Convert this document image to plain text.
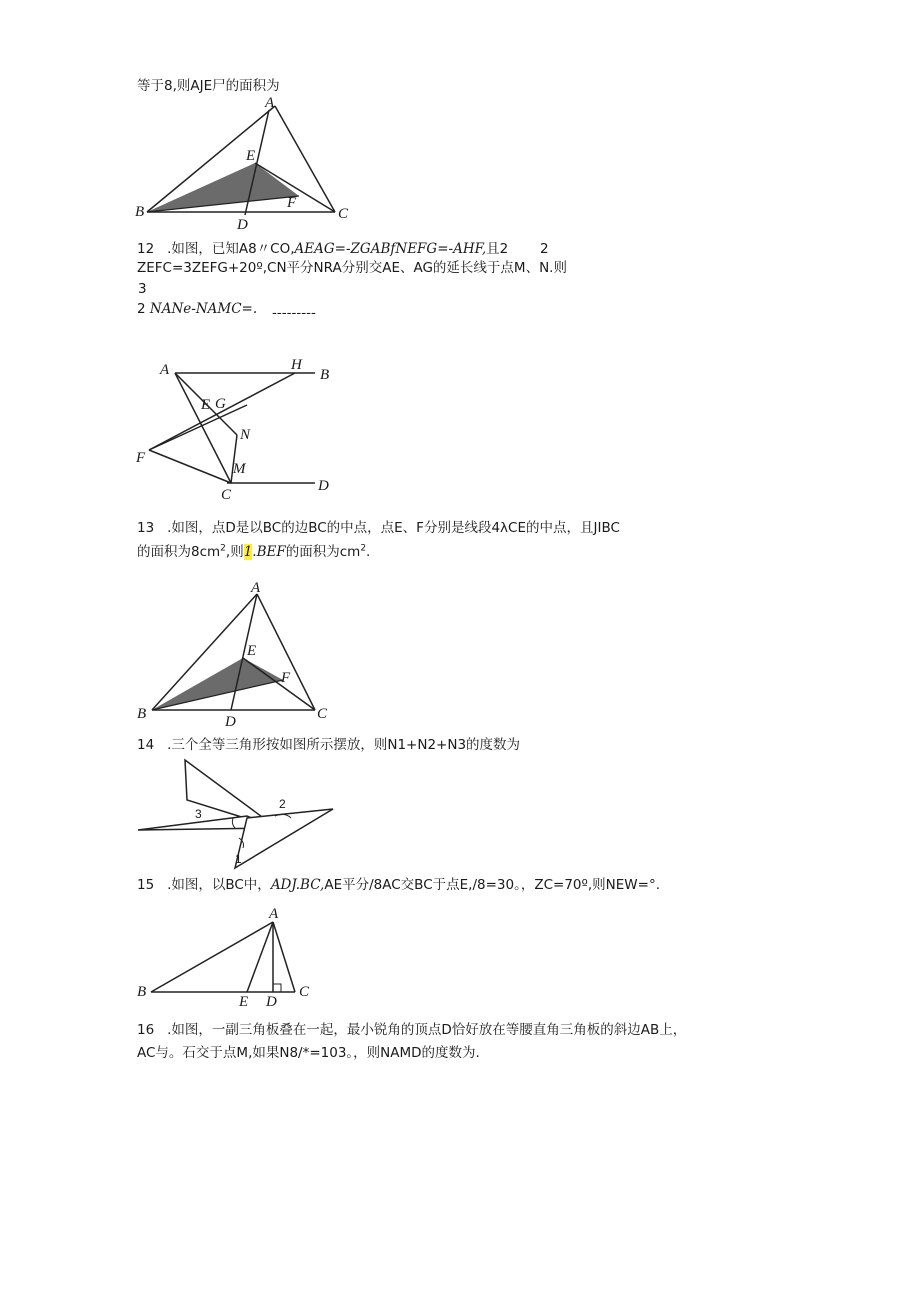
等于8,则AJE尸的面积为
A
E
B
F
C
D
12 .如图，已知A8〃CO,AEAG=-ZGABfNEFG=-AHF,且2 2
ZEFC=3ZEFG+20º,CN平分NRA分别交AE、AG的延长线于点M、N.则
3
2 NANe-NAMC=. ---------
A	H
B
E G
N
F
M
C
D
13 .如图，点D是以BC的边BC的中点，点E、F分别是线段4λCE的中点，且JIBC
的面积为$8cm^2$,则1.BEF的面积为$cm^2$.
A
E
F
B	D	C
14 .三个全等三角形按如图所示摆放，则N1+N2+N3的度数为
1
2
3
15 .如图，以BC中，ADJ.BC,AE平分/8AC交BC于点E,/8=30。，ZC=70º,则NEW=°.
A
B
E D
C
16 .如图，一副三角板叠在一起，最小锐角的顶点D恰好放在等腰直角三角板的斜边AB上，
AC与。石交于点M,如果N8/*=103。，则NAMD的度数为.
